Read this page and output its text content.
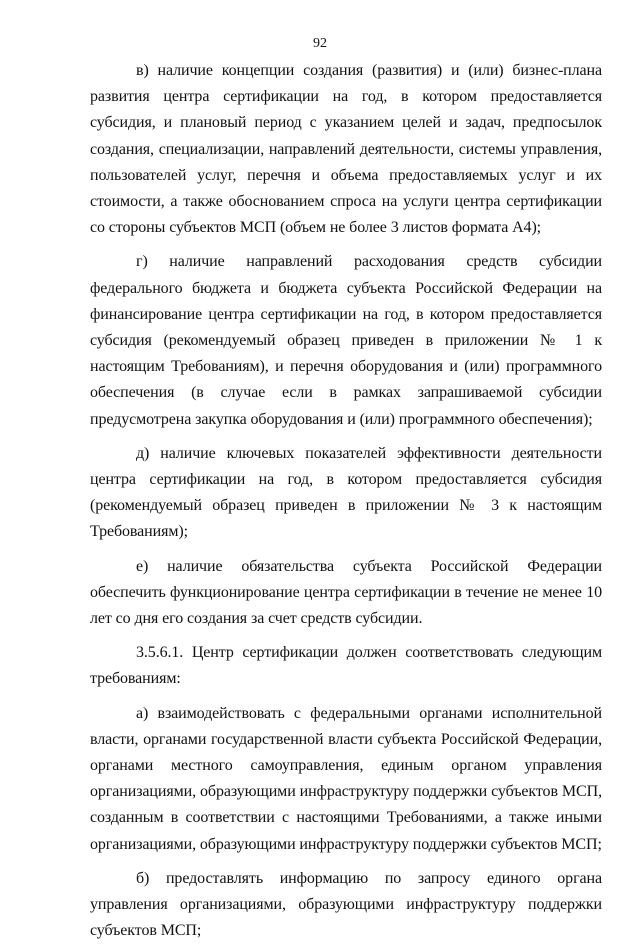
92

в) наличие концепции создания (развития) и (или) бизнес-плана развития центра сертификации на год, в котором предоставляется субсидия, и плановый период с указанием целей и задач, предпосылок создания, специализации, направлений деятельности, системы управления, пользователей услуг, перечня и объема предоставляемых услуг и их стоимости, а также обоснованием спроса на услуги центра сертификации со стороны субъектов МСП (объем не более 3 листов формата А4);

г) наличие направлений расходования средств субсидии федерального бюджета и бюджета субъекта Российской Федерации на финансирование центра сертификации на год, в котором предоставляется субсидия (рекомендуемый образец приведен в приложении № 1 к настоящим Требованиям), и перечня оборудования и (или) программного обеспечения (в случае если в рамках запрашиваемой субсидии предусмотрена закупка оборудования и (или) программного обеспечения);

д) наличие ключевых показателей эффективности деятельности центра сертификации на год, в котором предоставляется субсидия (рекомендуемый образец приведен в приложении № 3 к настоящим Требованиям);

е) наличие обязательства субъекта Российской Федерации обеспечить функционирование центра сертификации в течение не менее 10 лет со дня его создания за счет средств субсидии.

3.5.6.1. Центр сертификации должен соответствовать следующим требованиям:

а) взаимодействовать с федеральными органами исполнительной власти, органами государственной власти субъекта Российской Федерации, органами местного самоуправления, единым органом управления организациями, образующими инфраструктуру поддержки субъектов МСП, созданным в соответствии с настоящими Требованиями, а также иными организациями, образующими инфраструктуру поддержки субъектов МСП;

б) предоставлять информацию по запросу единого органа управления организациями, образующими инфраструктуру поддержки субъектов МСП;
